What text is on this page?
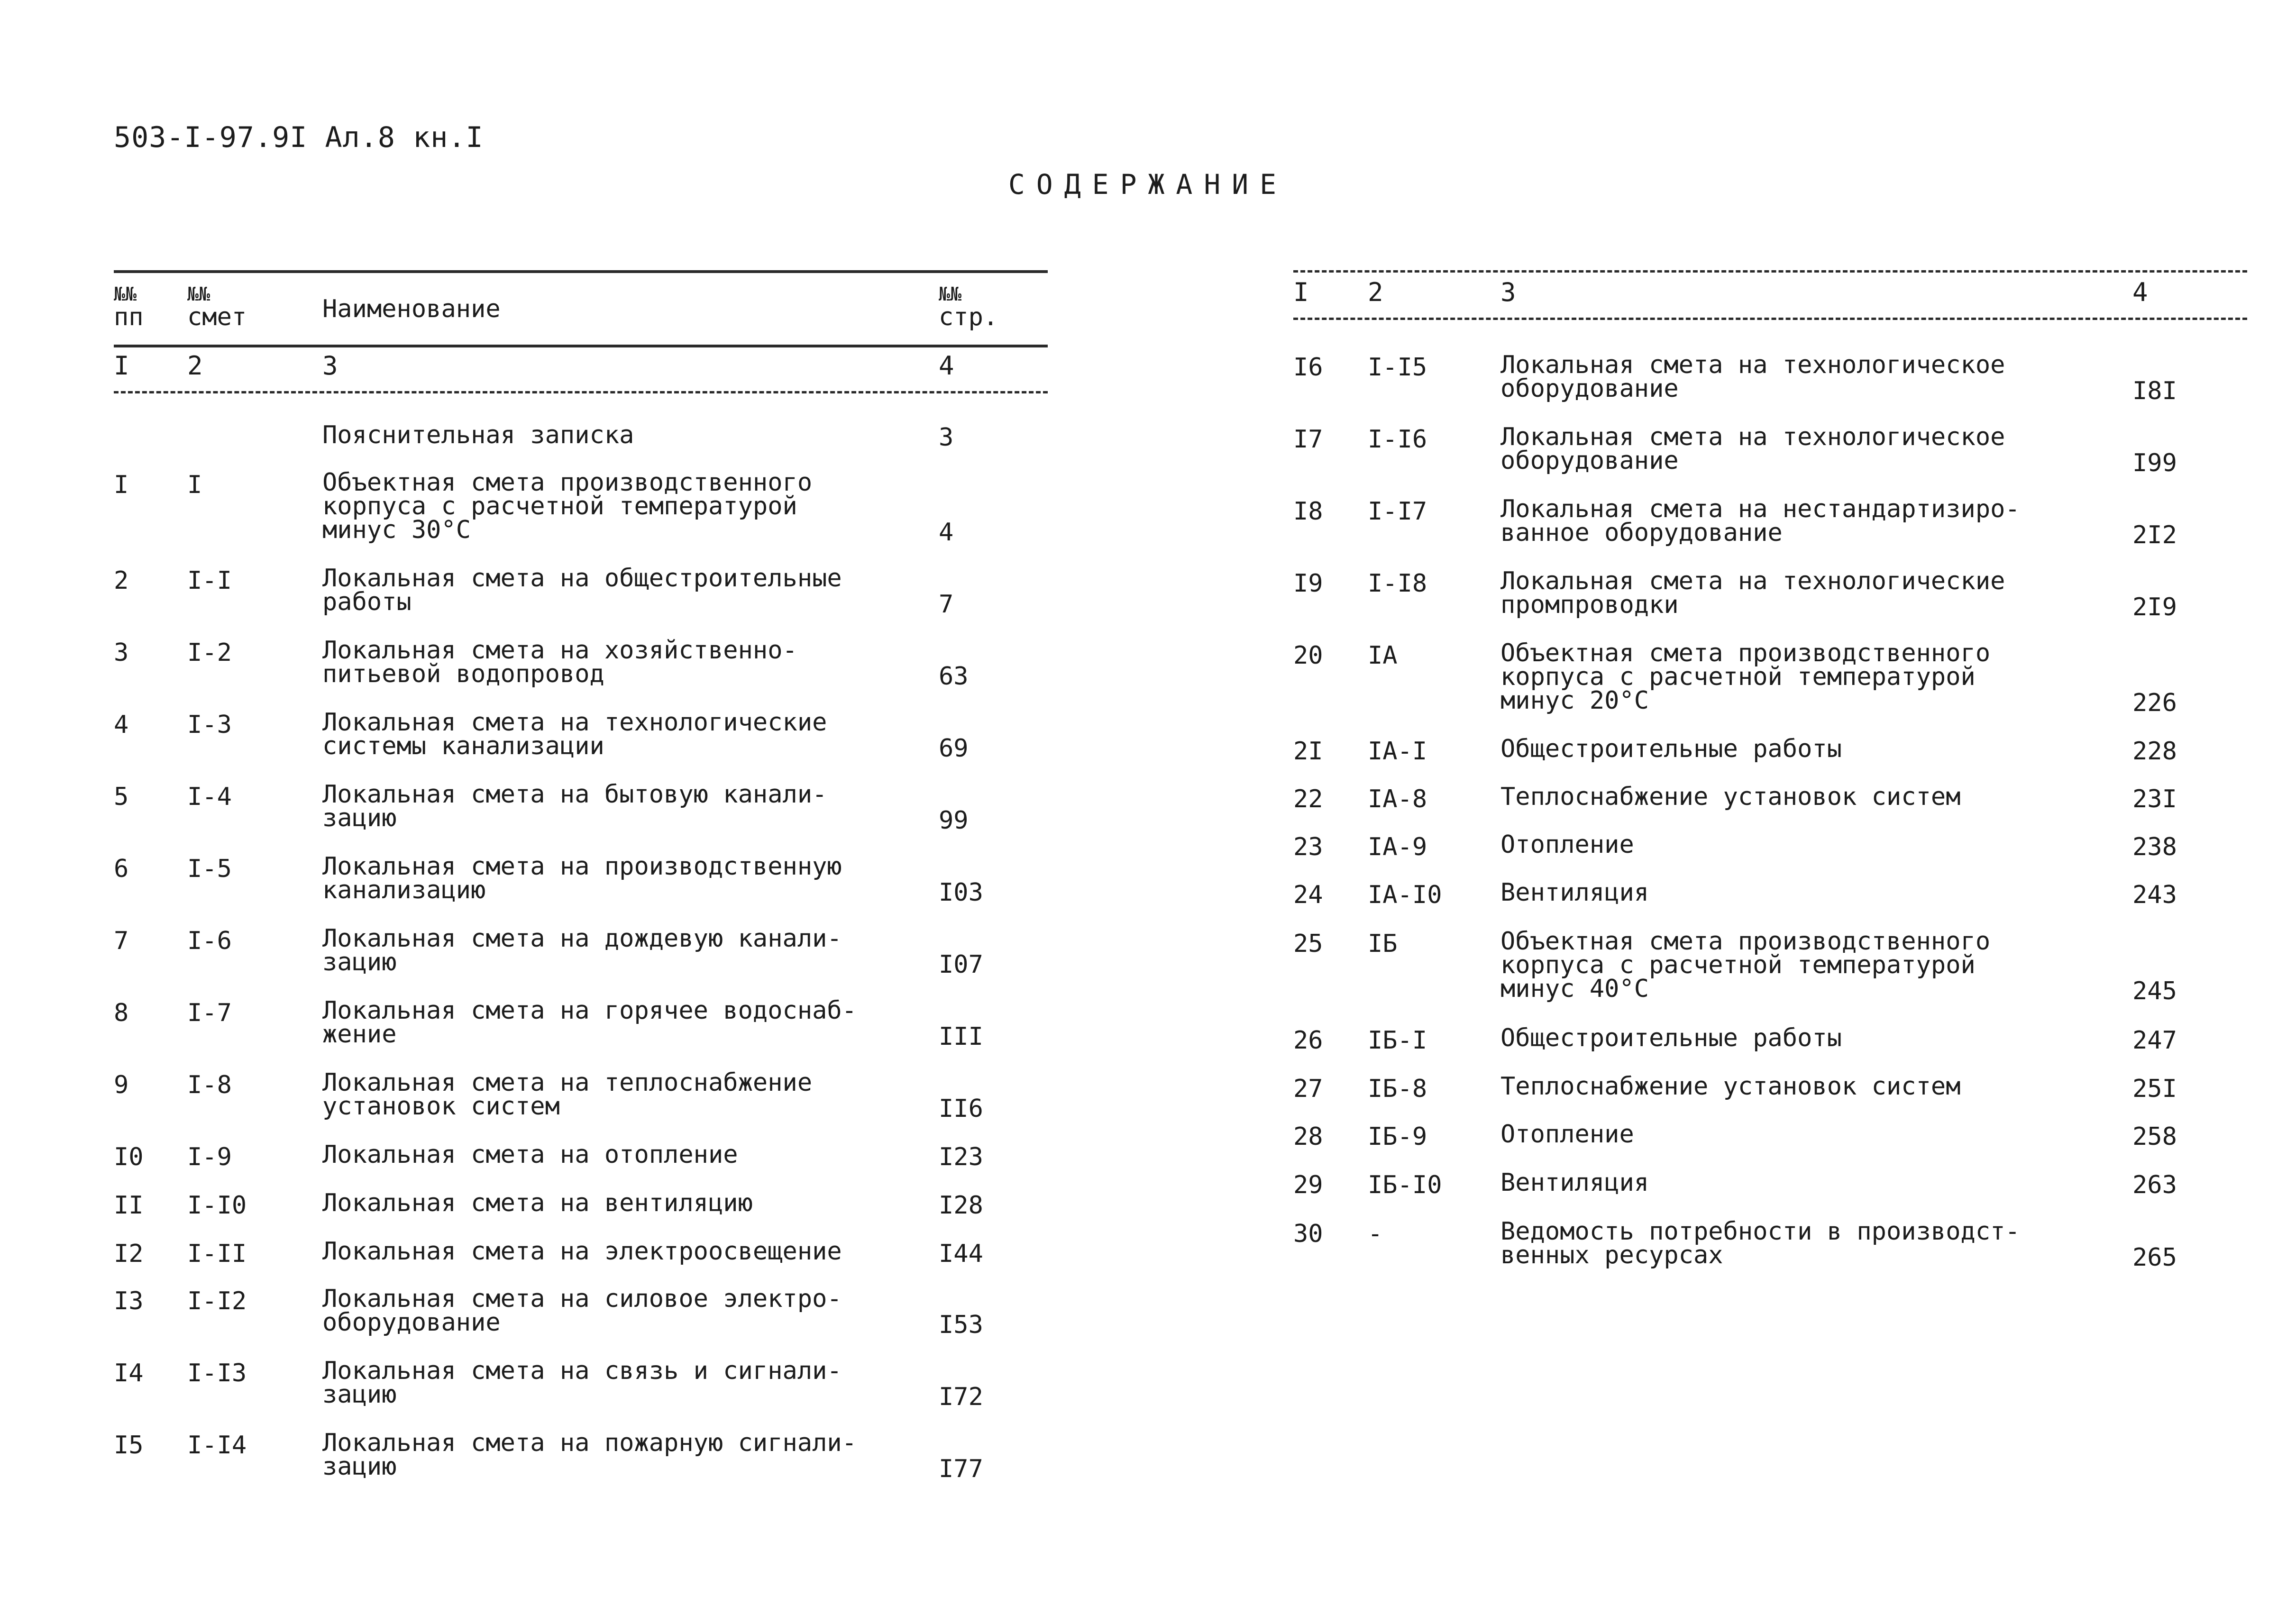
503-I-97.9I Ал.8 кн.I
СОДЕРЖАНИЕ
№№
пп
№№
смет	Наименование
№№
стр.
I 2	3	4
Пояснительная записка	3
I I	Объектная смета производственного
корпуса с расчетной температурой
минус 30°С	4
2 I-I	Локальная смета на общестроительные
работы	7
3 I-2	Локальная смета на хозяйственно-
питьевой водопровод	63
4 I-3	Локальная смета на технологические
системы канализации	69
5 I-4	Локальная смета на бытовую канали-
зацию	99
6 I-5	Локальная смета на производственную
канализацию	I03
7 I-6	Локальная смета на дождевую канали-
зацию	I07
8 I-7	Локальная смета на горячее водоснаб-
жение	III
9 I-8	Локальная смета на теплоснабжение
установок систем	II6
I0 I-9	Локальная смета на отопление	I23
II I-I0	Локальная смета на вентиляцию	I28
I2 I-II	Локальная смета на электроосвещение	I44
I3 I-I2	Локальная смета на силовое электро-
оборудование	I53
I4 I-I3	Локальная смета на связь и сигнали-
зацию	I72
I5 I-I4	Локальная смета на пожарную сигнали-
зацию	I77
I 2	3	4
I6 I-I5	Локальная смета на технологическое
оборудование	I8I
I7 I-I6	Локальная смета на технологическое
оборудование	I99
I8 I-I7	Локальная смета на нестандартизиро-
ванное оборудование	2I2
I9 I-I8	Локальная смета на технологические
промпроводки	2I9
20 IА	Объектная смета производственного
корпуса с расчетной температурой
минус 20°С	226
2I IА-I	Общестроительные работы	228
22 IА-8	Теплоснабжение установок систем	23I
23 IА-9	Отопление	238
24 IА-I0 Вентиляция	243
25 IБ	Объектная смета производственного
корпуса с расчетной температурой
минус 40°С	245
26 IБ-I	Общестроительные работы	247
27 IБ-8	Теплоснабжение установок систем	25I
28 IБ-9	Отопление	258
29 IБ-I0 Вентиляция	263
30 -	Ведомость потребности в производст-
венных ресурсах	265
